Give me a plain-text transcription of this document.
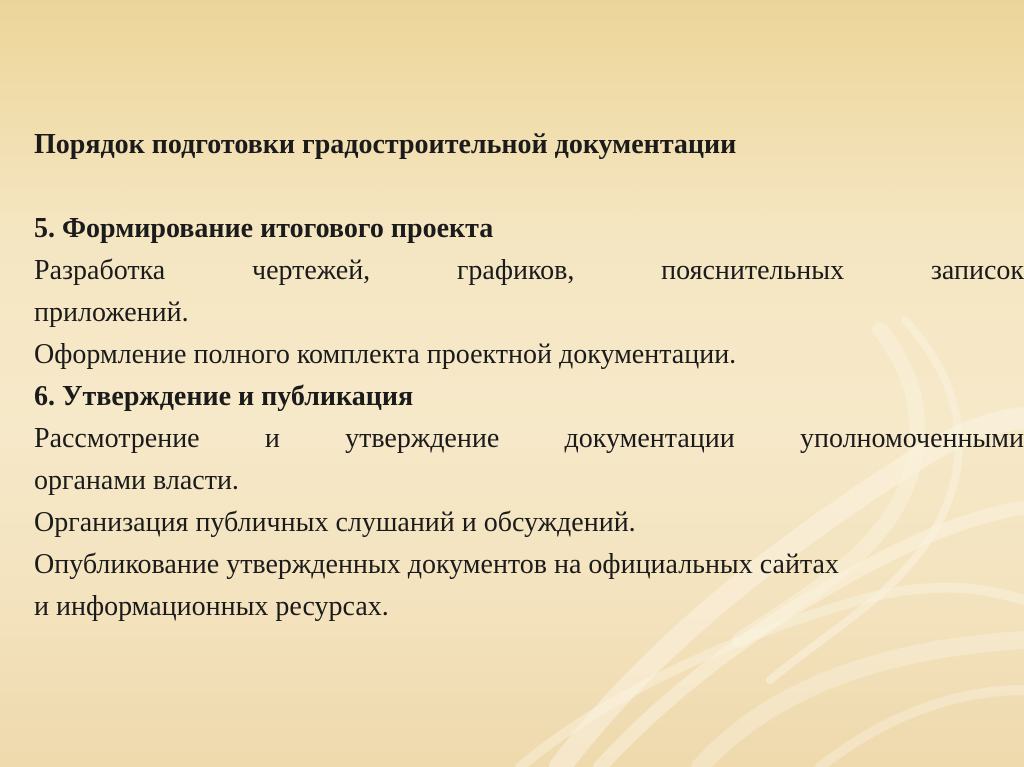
Порядок подготовки градостроительной документации

5. Формирование итогового проекта

Разработка чертежей, графиков, пояснительных записок

приложений.

Оформление полного комплекта проектной документации.

6. Утверждение и публикация

Рассмотрение и утверждение документации уполномоченными

органами власти.

Организация публичных слушаний и обсуждений.

Опубликование утвержденных документов на официальных сайтах

и информационных ресурсах.
